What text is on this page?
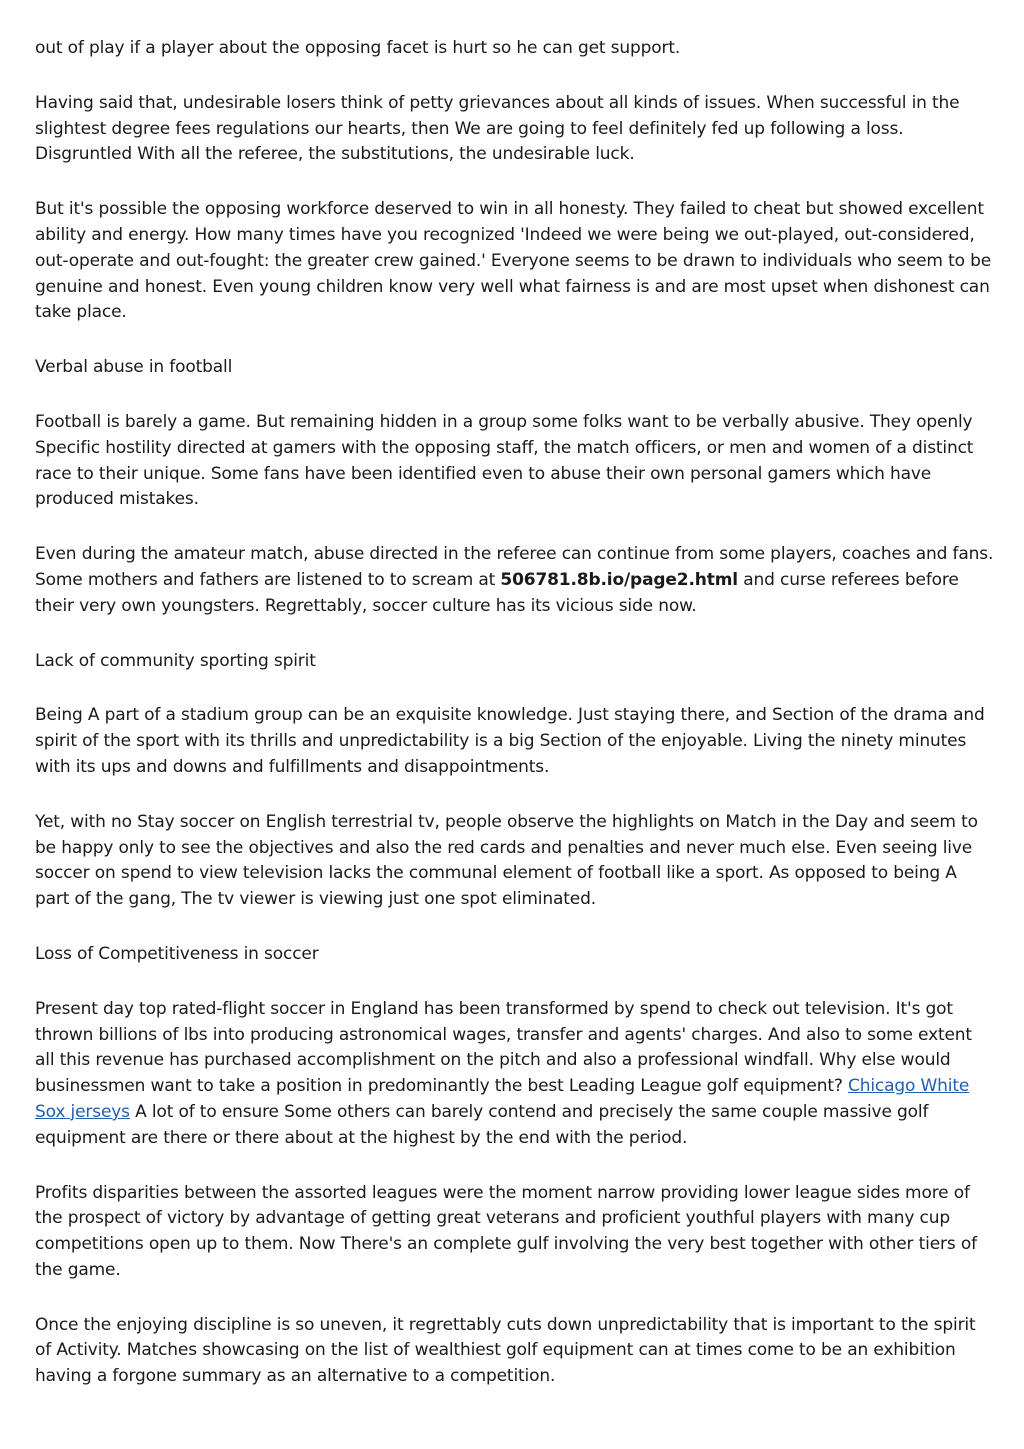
out of play if a player about the opposing facet is hurt so he can get support.

Having said that, undesirable losers think of petty grievances about all kinds of issues. When successful in the slightest degree fees regulations our hearts, then We are going to feel definitely fed up following a loss. Disgruntled With all the referee, the substitutions, the undesirable luck.

But it's possible the opposing workforce deserved to win in all honesty. They failed to cheat but showed excellent ability and energy. How many times have you recognized 'Indeed we were being we out-played, out-considered, out-operate and out-fought: the greater crew gained.' Everyone seems to be drawn to individuals who seem to be genuine and honest. Even young children know very well what fairness is and are most upset when dishonest can take place.

Verbal abuse in football

Football is barely a game. But remaining hidden in a group some folks want to be verbally abusive. They openly Specific hostility directed at gamers with the opposing staff, the match officers, or men and women of a distinct race to their unique. Some fans have been identified even to abuse their own personal gamers which have produced mistakes.

Even during the amateur match, abuse directed in the referee can continue from some players, coaches and fans. Some mothers and fathers are listened to to scream at 506781.8b.io/page2.html and curse referees before their very own youngsters. Regrettably, soccer culture has its vicious side now.

Lack of community sporting spirit

Being A part of a stadium group can be an exquisite knowledge. Just staying there, and Section of the drama and spirit of the sport with its thrills and unpredictability is a big Section of the enjoyable. Living the ninety minutes with its ups and downs and fulfillments and disappointments.

Yet, with no Stay soccer on English terrestrial tv, people observe the highlights on Match in the Day and seem to be happy only to see the objectives and also the red cards and penalties and never much else. Even seeing live soccer on spend to view television lacks the communal element of football like a sport. As opposed to being A part of the gang, The tv viewer is viewing just one spot eliminated.

Loss of Competitiveness in soccer

Present day top rated-flight soccer in England has been transformed by spend to check out television. It's got thrown billions of lbs into producing astronomical wages, transfer and agents' charges. And also to some extent all this revenue has purchased accomplishment on the pitch and also a professional windfall. Why else would businessmen want to take a position in predominantly the best Leading League golf equipment? Chicago White Sox jerseys A lot of to ensure Some others can barely contend and precisely the same couple massive golf equipment are there or there about at the highest by the end with the period.

Profits disparities between the assorted leagues were the moment narrow providing lower league sides more of the prospect of victory by advantage of getting great veterans and proficient youthful players with many cup competitions open up to them. Now There's an complete gulf involving the very best together with other tiers of the game.

Once the enjoying discipline is so uneven, it regrettably cuts down unpredictability that is important to the spirit of Activity. Matches showcasing on the list of wealthiest golf equipment can at times come to be an exhibition having a forgone summary as an alternative to a competition.
